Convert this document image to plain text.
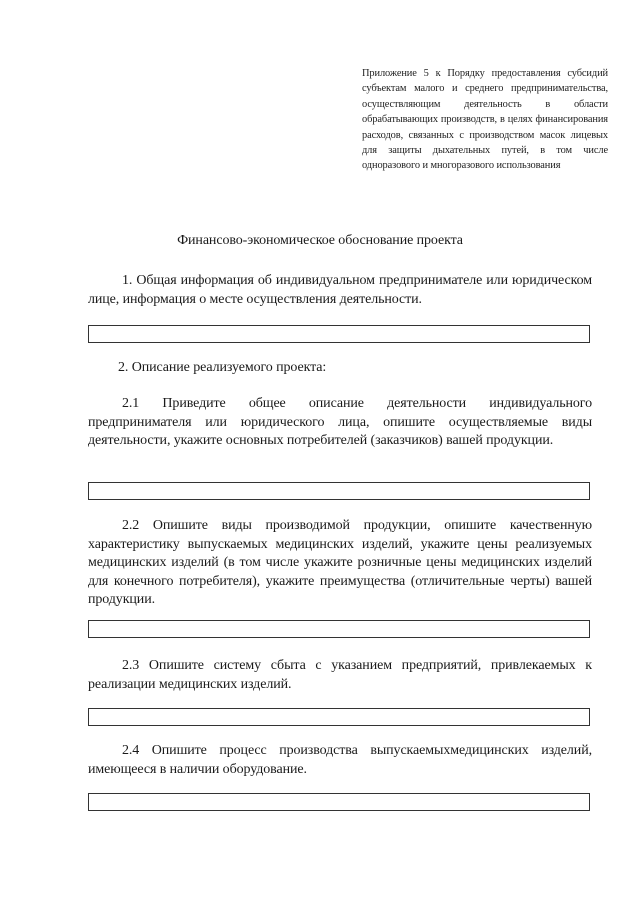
Приложение 5 к Порядку предоставления субсидий субъектам малого и среднего предпринимательства, осуществляющим деятельность в области обрабатывающих производств, в целях финансирования расходов, связанных с производством масок лицевых для защиты дыхательных путей, в том числе одноразового и многоразового использования
Финансово-экономическое обоснование проекта
1. Общая информация об индивидуальном предпринимателе или юридическом лице, информация о месте осуществления деятельности.
2. Описание реализуемого проекта:
2.1 Приведите общее описание деятельности индивидуального предпринимателя или юридического лица, опишите осуществляемые виды деятельности, укажите основных потребителей (заказчиков) вашей продукции.
2.2 Опишите виды производимой продукции, опишите качественную характеристику выпускаемых медицинских изделий, укажите цены реализуемых медицинских изделий (в том числе укажите розничные цены медицинских изделий для конечного потребителя), укажите преимущества (отличительные черты) вашей продукции.
2.3 Опишите систему сбыта с указанием предприятий, привлекаемых к реализации медицинских изделий.
2.4 Опишите процесс производства выпускаемыхмедицинских изделий, имеющееся в наличии оборудование.
